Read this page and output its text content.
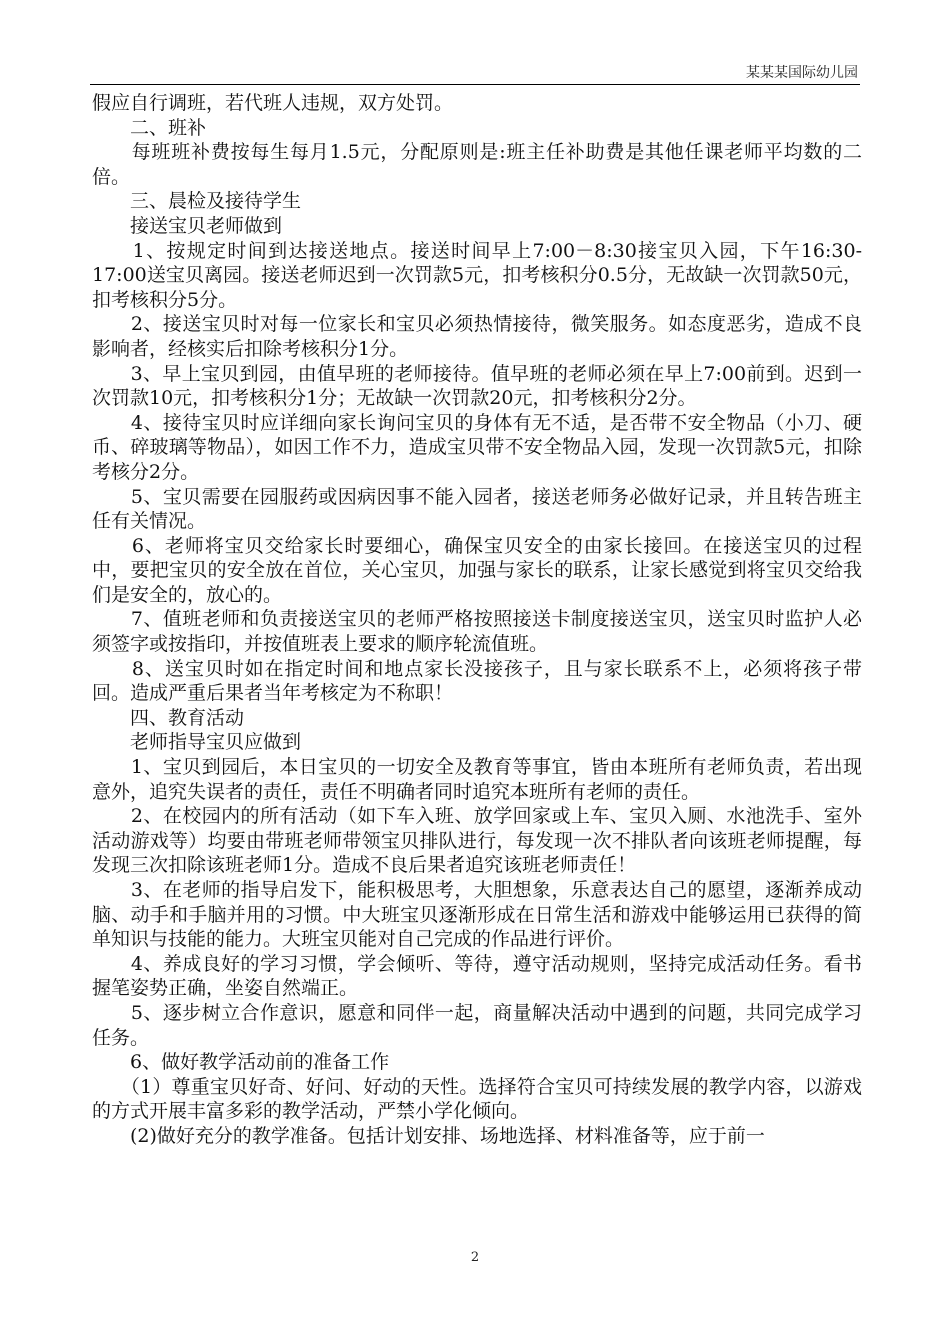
某某某国际幼儿园

假应自行调班，若代班人违规，双方处罚。

　　二、班补

　　每班班补费按每生每月1.5元，分配原则是:班主任补助费是其他任课老师平均数的二倍。

　　三、晨检及接待学生

　　接送宝贝老师做到

　　1、按规定时间到达接送地点。接送时间早上7:00－8:30接宝贝入园，下午16:30-17:00送宝贝离园。接送老师迟到一次罚款5元，扣考核积分0.5分，无故缺一次罚款50元，扣考核积分5分。

　　2、接送宝贝时对每一位家长和宝贝必须热情接待，微笑服务。如态度恶劣，造成不良影响者，经核实后扣除考核积分1分。

　　3、早上宝贝到园，由值早班的老师接待。值早班的老师必须在早上7:00前到。迟到一次罚款10元，扣考核积分1分；无故缺一次罚款20元，扣考核积分2分。

　　4、接待宝贝时应详细向家长询问宝贝的身体有无不适，是否带不安全物品（小刀、硬币、碎玻璃等物品），如因工作不力，造成宝贝带不安全物品入园，发现一次罚款5元，扣除考核分2分。

　　5、宝贝需要在园服药或因病因事不能入园者，接送老师务必做好记录，并且转告班主任有关情况。

　　6、老师将宝贝交给家长时要细心，确保宝贝安全的由家长接回。在接送宝贝的过程中，要把宝贝的安全放在首位，关心宝贝，加强与家长的联系，让家长感觉到将宝贝交给我们是安全的，放心的。

　　7、值班老师和负责接送宝贝的老师严格按照接送卡制度接送宝贝，送宝贝时监护人必须签字或按指印，并按值班表上要求的顺序轮流值班。

　　8、送宝贝时如在指定时间和地点家长没接孩子，且与家长联系不上，必须将孩子带回。造成严重后果者当年考核定为不称职！

　　四、教育活动

　　老师指导宝贝应做到

　　1、宝贝到园后，本日宝贝的一切安全及教育等事宜，皆由本班所有老师负责，若出现意外，追究失误者的责任，责任不明确者同时追究本班所有老师的责任。

　　2、在校园内的所有活动（如下车入班、放学回家或上车、宝贝入厕、水池洗手、室外活动游戏等）均要由带班老师带领宝贝排队进行，每发现一次不排队者向该班老师提醒，每发现三次扣除该班老师1分。造成不良后果者追究该班老师责任！

　　3、在老师的指导启发下，能积极思考，大胆想象，乐意表达自己的愿望，逐渐养成动脑、动手和手脑并用的习惯。中大班宝贝逐渐形成在日常生活和游戏中能够运用已获得的简单知识与技能的能力。大班宝贝能对自己完成的作品进行评价。

　　4、养成良好的学习习惯，学会倾听、等待，遵守活动规则，坚持完成活动任务。看书握笔姿势正确，坐姿自然端正。

　　5、逐步树立合作意识，愿意和同伴一起，商量解决活动中遇到的问题，共同完成学习任务。

　　6、做好教学活动前的准备工作

　　（1）尊重宝贝好奇、好问、好动的天性。选择符合宝贝可持续发展的教学内容，以游戏的方式开展丰富多彩的教学活动，严禁小学化倾向。

　　(2)做好充分的教学准备。包括计划安排、场地选择、材料准备等，应于前一

2
